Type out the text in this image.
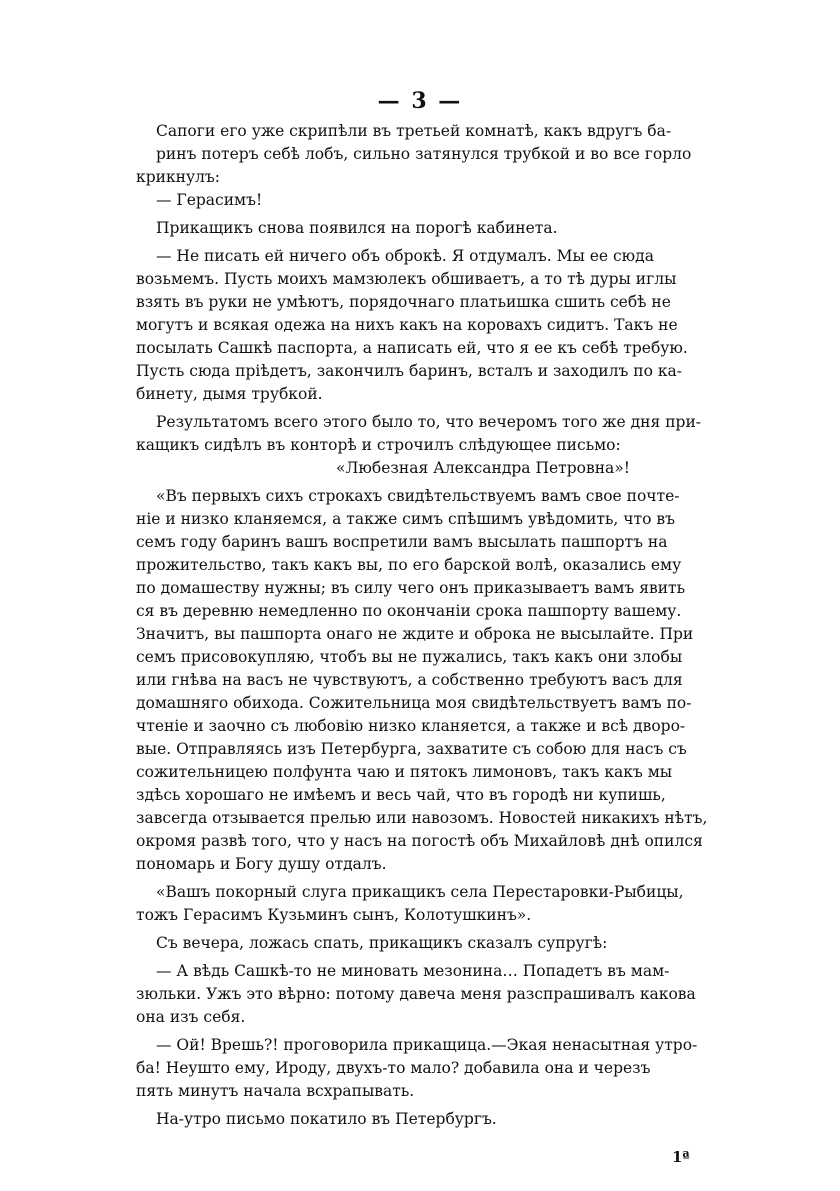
— 3 —
Сапоги его уже скрипѣли въ третьей комнатѣ, какъ вдругъ ба-
ринъ потеръ себѣ лобъ, сильно затянулся трубкой и во все горло
крикнулъ:
— Герасимъ!
Прикащикъ снова появился на порогѣ кабинета.
— Не писать ей ничего объ оброкѣ. Я отдумалъ. Мы ее сюда
возьмемъ. Пусть моихъ мамзюлекъ обшиваетъ, а то тѣ дуры иглы
взять въ руки не умѣютъ, порядочнаго платьишка сшить себѣ не
могутъ и всякая одежа на нихъ какъ на коровахъ сидитъ. Такъ не
посылать Сашкѣ паспорта, а написать ей, что я ее къ себѣ требую.
Пусть сюда пріѣдетъ, закончилъ баринъ, всталъ и заходилъ по ка-
бинету, дымя трубкой.
Результатомъ всего этого было то, что вечеромъ того же дня при-
кащикъ сидѣлъ въ конторѣ и строчилъ слѣдующее письмо:
«Любезная Александра Петровна»!
«Въ первыхъ сихъ строкахъ свидѣтельствуемъ вамъ свое почте-
ніе и низко кланяемся, а также симъ спѣшимъ увѣдомить, что въ
семъ году баринъ вашъ воспретили вамъ высылать пашпортъ на
прожительство, такъ какъ вы, по его барской волѣ, оказались ему
по домашеству нужны; въ силу чего онъ приказываетъ вамъ явить
ся въ деревню немедленно по окончаніи срока пашпорту вашему.
Значитъ, вы пашпорта онаго не ждите и оброка не высылайте. При
семъ присовокупляю, чтобъ вы не пужались, такъ какъ они злобы
или гнѣва на васъ не чувствуютъ, а собственно требуютъ васъ для
домашняго обихода. Сожительница моя свидѣтельствуетъ вамъ по-
чтеніе и заочно съ любовію низко кланяется, а также и всѣ дворо-
вые. Отправляясь изъ Петербурга, захватите съ собою для насъ съ
сожительницею полфунта чаю и пятокъ лимоновъ, такъ какъ мы
здѣсь хорошаго не имѣемъ и весь чай, что въ городѣ ни купишь,
завсегда отзывается прелью или навозомъ. Новостей никакихъ нѣтъ,
окромя развѣ того, что у насъ на погостѣ объ Михайловѣ днѣ опился
пономарь и Богу душу отдалъ.
«Вашъ покорный слуга прикащикъ села Перестаровки-Рыбицы,
тожъ Герасимъ Кузьминъ сынъ, Колотушкинъ».
Съ вечера, ложась спать, прикащикъ сказалъ супругѣ:
— А вѣдь Сашкѣ-то не миновать мезонина… Попадетъ въ мам-
зюльки. Ужъ это вѣрно: потому давеча меня разспрашивалъ какова
она изъ себя.
— Ой! Врешь?! проговорила прикащица.—Экая ненасытная утро-
ба! Неушто ему, Ироду, двухъ-то мало? добавила она и черезъ
пять минутъ начала всхрапывать.
На-утро письмо покатило въ Петербургъ.
1ª
